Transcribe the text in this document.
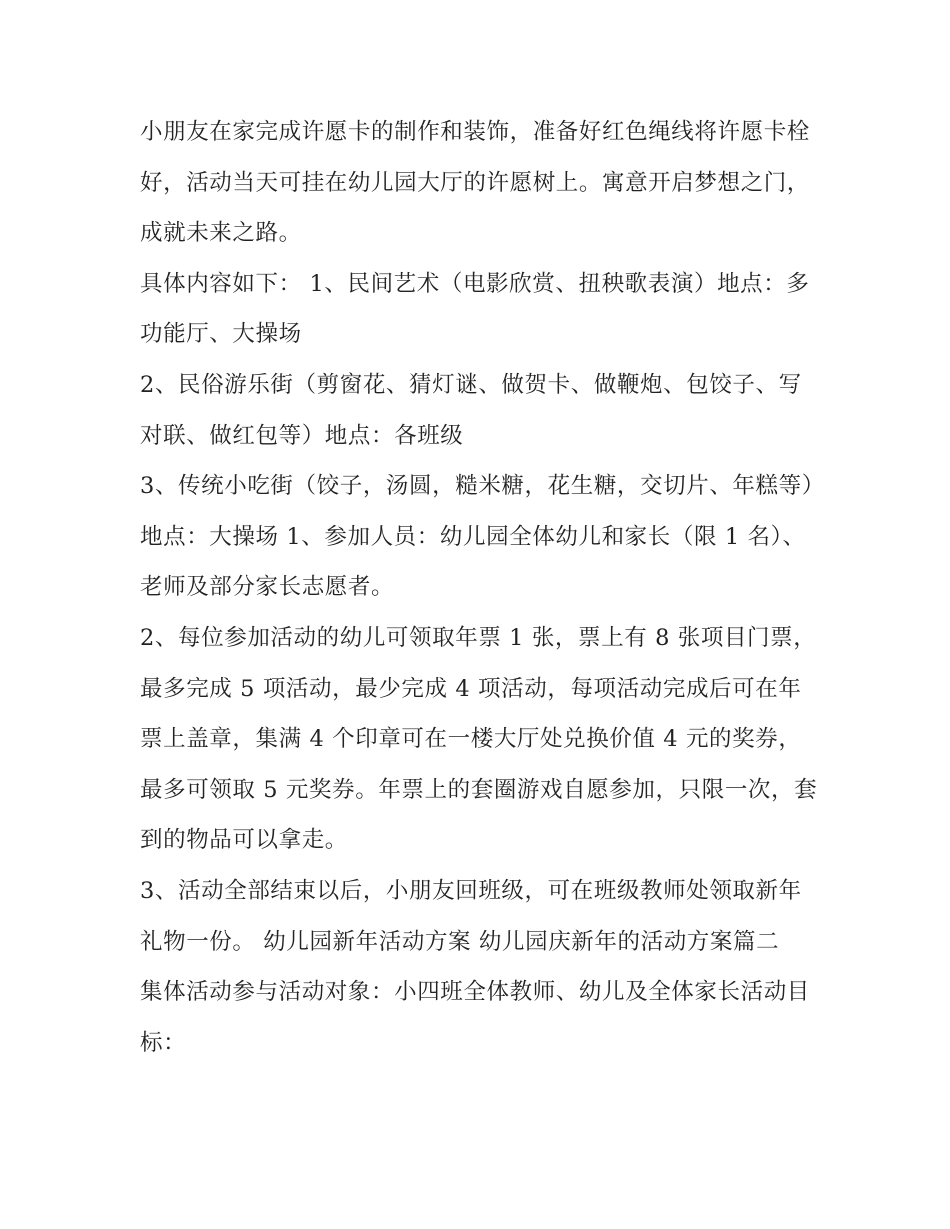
小朋友在家完成许愿卡的制作和装饰，准备好红色绳线将许愿卡栓好，活动当天可挂在幼儿园大厅的许愿树上。寓意开启梦想之门，成就未来之路。

具体内容如下： 1、民间艺术（电影欣赏、扭秧歌表演）地点：多功能厅、大操场

2、民俗游乐街（剪窗花、猜灯谜、做贺卡、做鞭炮、包饺子、写对联、做红包等）地点：各班级

3、传统小吃街（饺子，汤圆，糙米糖，花生糖，交切片、年糕等）地点：大操场 1、参加人员：幼儿园全体幼儿和家长（限 1 名）、老师及部分家长志愿者。

2、每位参加活动的幼儿可领取年票 1 张，票上有 8 张项目门票，最多完成 5 项活动，最少完成 4 项活动，每项活动完成后可在年票上盖章，集满 4 个印章可在一楼大厅处兑换价值 4 元的奖券，最多可领取 5 元奖券。年票上的套圈游戏自愿参加，只限一次，套到的物品可以拿走。

3、活动全部结束以后，小朋友回班级，可在班级教师处领取新年礼物一份。 幼儿园新年活动方案 幼儿园庆新年的活动方案篇二

集体活动参与活动对象：小四班全体教师、幼儿及全体家长活动目标：
